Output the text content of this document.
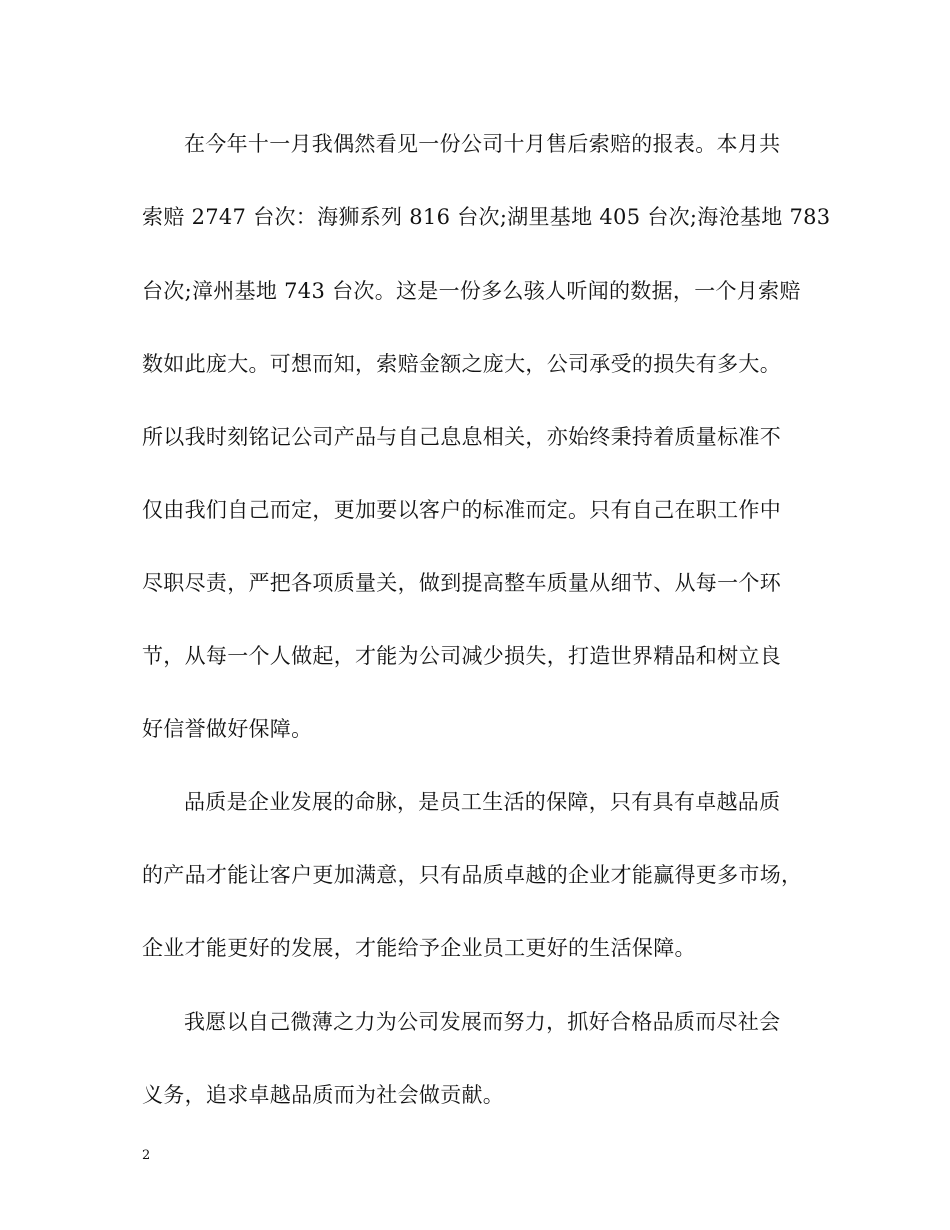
在今年十一月我偶然看见一份公司十月售后索赔的报表。本月共
索赔 2747 台次：海狮系列 816 台次;湖里基地 405 台次;海沧基地 783
台次;漳州基地 743 台次。这是一份多么骇人听闻的数据，一个月索赔
数如此庞大。可想而知，索赔金额之庞大，公司承受的损失有多大。
所以我时刻铭记公司产品与自己息息相关，亦始终秉持着质量标准不
仅由我们自己而定，更加要以客户的标准而定。只有自己在职工作中
尽职尽责，严把各项质量关，做到提高整车质量从细节、从每一个环
节，从每一个人做起，才能为公司减少损失，打造世界精品和树立良
好信誉做好保障。
品质是企业发展的命脉，是员工生活的保障，只有具有卓越品质
的产品才能让客户更加满意，只有品质卓越的企业才能赢得更多市场，
企业才能更好的发展，才能给予企业员工更好的生活保障。
我愿以自己微薄之力为公司发展而努力，抓好合格品质而尽社会
义务，追求卓越品质而为社会做贡献。
2
